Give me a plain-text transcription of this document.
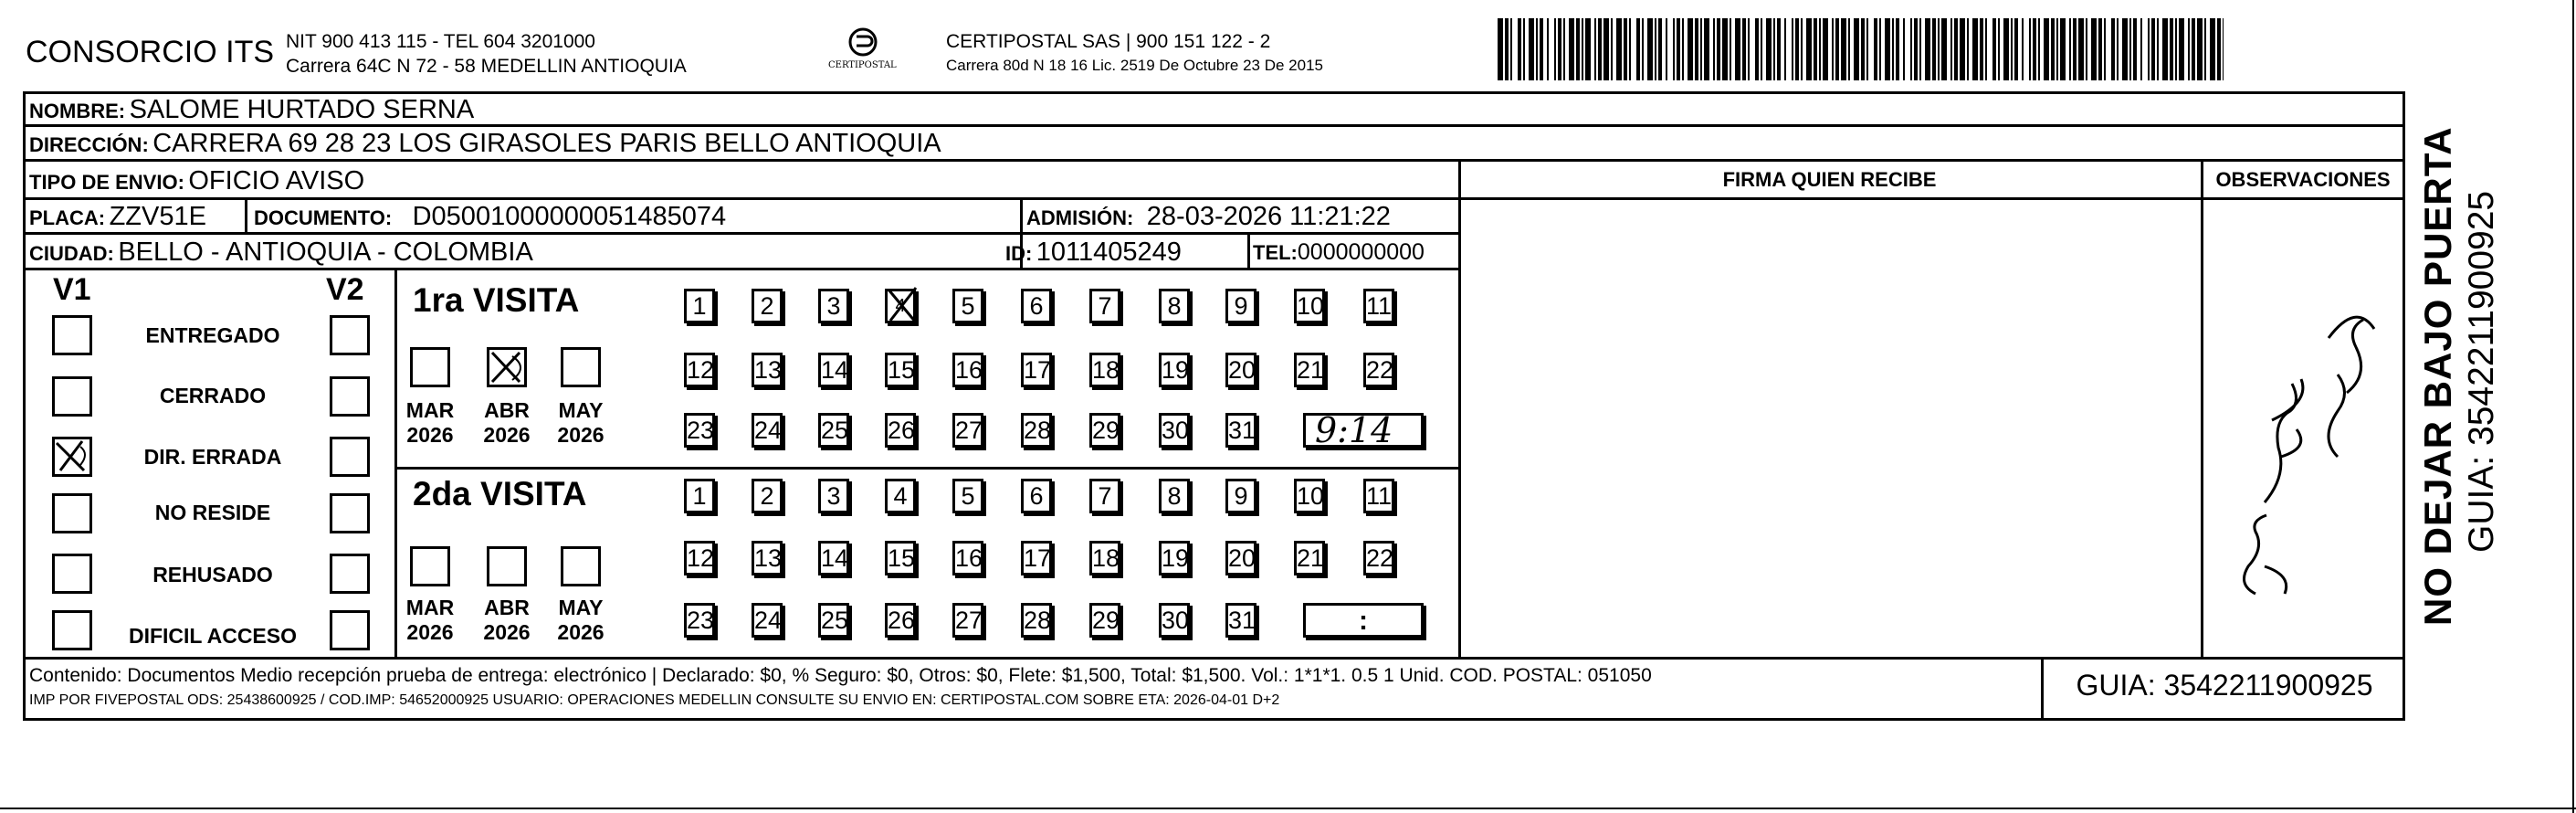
CONSORCIO ITS NIT 900 413 115 - TEL 604 3201000
Carrera 64C N 72 - 58 MEDELLIN ANTIOQUIA	CERTIPOSTAL
CERTIPOSTAL SAS | 900 151 122 - 2
Carrera 80d N 18 16 Lic. 2519 De Octubre 23 De 2015
NOMBRE: SALOME HURTADO SERNA
DIRECCIÓN: CARRERA 69 28 23 LOS GIRASOLES PARIS BELLO ANTIOQUIA
TIPO DE ENVIO: OFICIO AVISO	FIRMA QUIEN RECIBE	OBSERVACIONES
PLACA: ZZV51E DOCUMENTO: D05001000000051485074	ADMISIÓN: 28-03-2026 11:21:22
CIUDAD: BELLO - ANTIOQUIA - COLOMBIA	ID: 1011405249	TEL:0000000000
V1	V2
ENTREGADO
CERRADO
DIR. ERRADA
NO RESIDE
REHUSADO
DIFICIL ACCESO
1ra VISITA
MAR
2026
ABR
2026
MAY
2026
1	2	3	4	5	6	7	8	9	10 11
12 13 14 15 16 17 18 19 20 21 22
23 24 25 26 27 28 29 30 31 9:14
2da VISITA
MAR
2026
ABR
2026
MAY
2026
1	2	3	4	5	6	7	8	9	10 11
12 13 14 15 16 17 18 19 20 21 22
23 24 25 26 27 28 29 30 31	:
Contenido: Documentos Medio recepción prueba de entrega: electrónico | Declarado: $0, % Seguro: $0, Otros: $0, Flete: $1,500, Total: $1,500. Vol.: 1*1*1. 0.5 1 Unid. COD. POSTAL: 051050
IMP POR FIVEPOSTAL ODS: 25438600925 / COD.IMP: 54652000925 USUARIO: OPERACIONES MEDELLIN CONSULTE SU ENVIO EN: CERTIPOSTAL.COM SOBRE ETA: 2026-04-01 D+2	GUIA: 3542211900925
NO DEJAR BAJO PUERTA GUIA: 3542211900925
